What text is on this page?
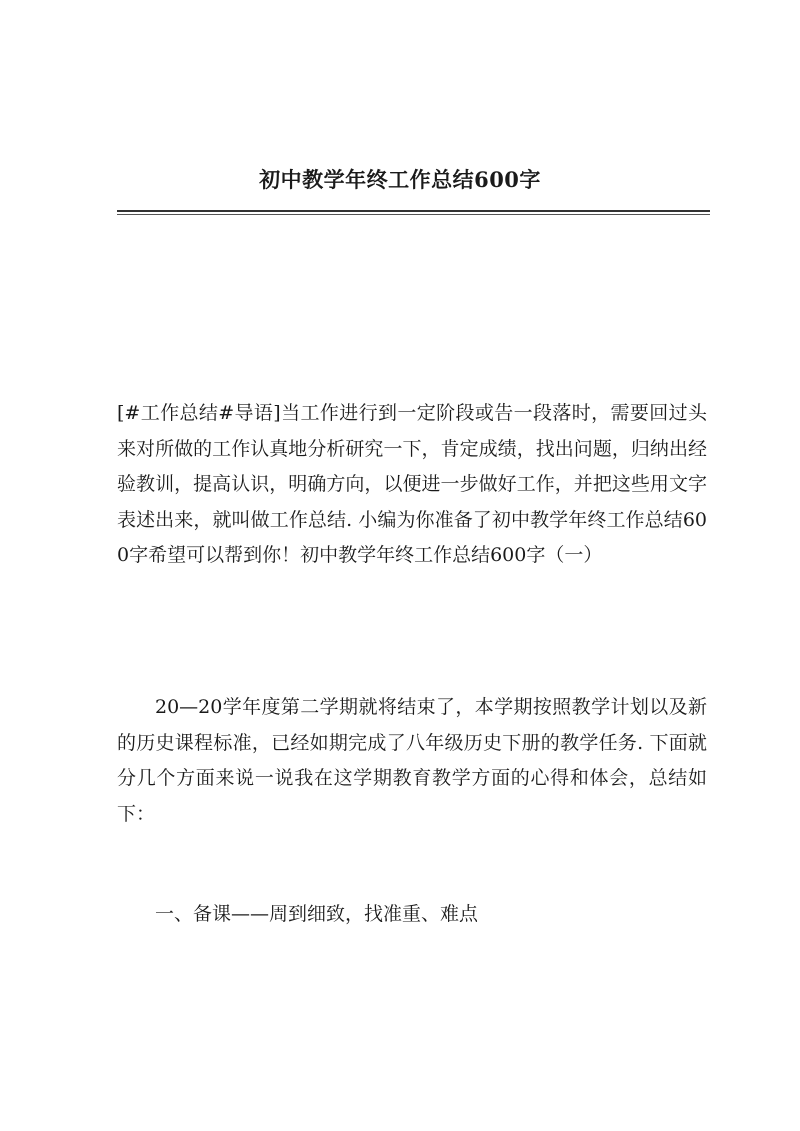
初中教学年终工作总结600字
[#工作总结#导语]当工作进行到一定阶段或告一段落时，需要回过头来对所做的工作认真地分析研究一下，肯定成绩，找出问题，归纳出经验教训，提高认识，明确方向，以便进一步做好工作，并把这些用文字表述出来，就叫做工作总结. 小编为你准备了初中教学年终工作总结600字希望可以帮到你！初中教学年终工作总结600字（一）
20—20学年度第二学期就将结束了，本学期按照教学计划以及新的历史课程标准，已经如期完成了八年级历史下册的教学任务. 下面就分几个方面来说一说我在这学期教育教学方面的心得和体会，总结如下：
一、备课——周到细致，找准重、难点
